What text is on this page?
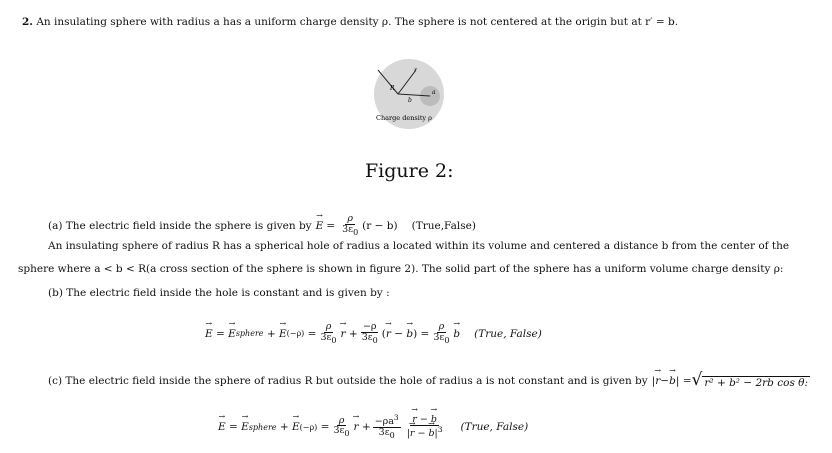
2. An insulating sphere with radius a has a uniform charge density ρ. The sphere is not centered at the origin but at r′ = b.
r
R
b
a
Charge density ρ
Figure 2:
(a) The electric field inside the sphere is given by E → = $\frac{\rho}{3\varepsilon_0} (r - b)$ (True,False)
An insulating sphere of radius R has a spherical hole of radius a located within its volume and centered a distance b from the center of the
sphere where a < b < R(a cross section of the sphere is shown in figure 2). The solid part of the sphere has a uniform volume charge density ρ:
(b) The electric field inside the hole is constant and is given by :
E → = E → sphere + $E \to (-\rho) = \frac{\rho}{3\varepsilon_0}$ r → + $\frac{-\rho}{3\varepsilon_0}$ ( r → − b → ) = $\frac{\rho}{3\varepsilon_0}$ b → (True, False)
(c) The electric field inside the sphere of radius R but outside the hole of radius a is not constant and is given by |r →−b →| = √ r² + b² − 2rb cos θ:
E → = E → sphere + $E \to (-\rho) = \frac{\rho}{3\varepsilon_0}$ r → + $\frac{-\rho a^3}{3\varepsilon_0} \frac{r \to - b \to}{|r \to - b \to|^3}$ (True, False)
